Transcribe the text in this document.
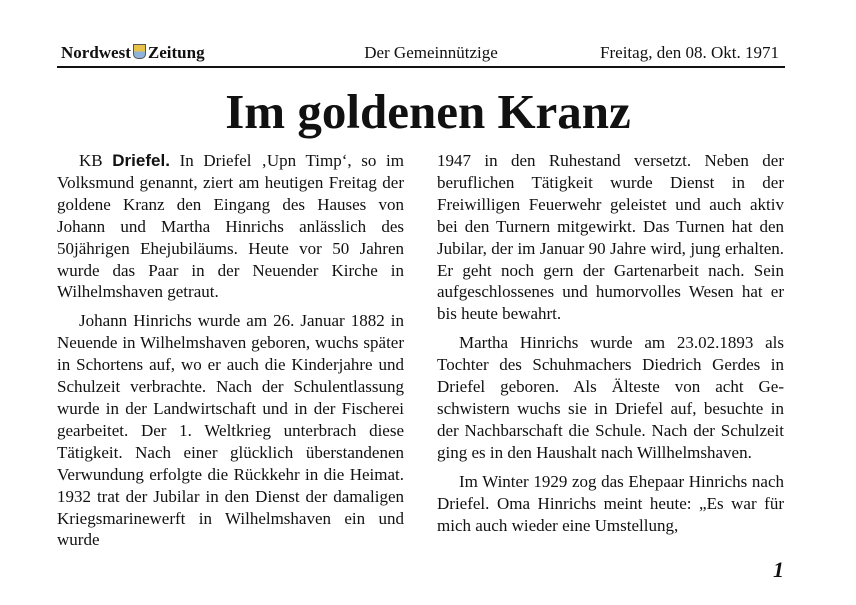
Nordwest Zeitung	Der Gemeinnützige	Freitag, den 08. Okt. 1971
Im goldenen Kranz

KB Driefel. In Driefel ‚Upn Timp‘, so im Volksmund genannt, ziert am heutigen Freitag der goldene Kranz den Eingang des Hauses von Johann und Martha Hinrichs anlässlich des 50jährigen Ehejubiläums. Heute vor 50 Jahren wurde das Paar in der Neuender Kirche in Wilhelmshaven getraut.

Johann Hinrichs wurde am 26. Januar 1882 in Neuende in Wilhelmshaven geboren, wuchs später in Schortens auf, wo er auch die Kinderjahre und Schulzeit verbrachte. Nach der Schulentlassung wurde in der Landwirtschaft und in der Fischerei gearbeitet. Der 1. Weltkrieg unterbrach diese Tätigkeit. Nach einer glücklich überstandenen Verwundung erfolgte die Rückkehr in die Heimat. 1932 trat der Jubilar in den Dienst der damaligen Kriegsmarinewerft in Wilhelmshaven ein und wurde

1947 in den Ruhestand versetzt. Neben der beruflichen Tätigkeit wurde Dienst in der Freiwilligen Feuerwehr geleistet und auch aktiv bei den Turnern mitgewirkt. Das Turnen hat den Jubilar, der im Januar 90 Jahre wird, jung erhalten. Er geht noch gern der Gartenarbeit nach. Sein aufgeschlossenes und humorvolles Wesen hat er bis heute bewahrt.

Martha Hinrichs wurde am 23.02.1893 als Tochter des Schuhmachers Diedrich Gerdes in Driefel geboren. Als Älteste von acht Geschwistern wuchs sie in Driefel auf, besuchte in der Nachbarschaft die Schule. Nach der Schulzeit ging es in den Haushalt nach Willhelmshaven.

Im Winter 1929 zog das Ehepaar Hinrichs nach Driefel. Oma Hinrichs meint heute: „Es war für mich auch wieder eine Umstellung,

1
